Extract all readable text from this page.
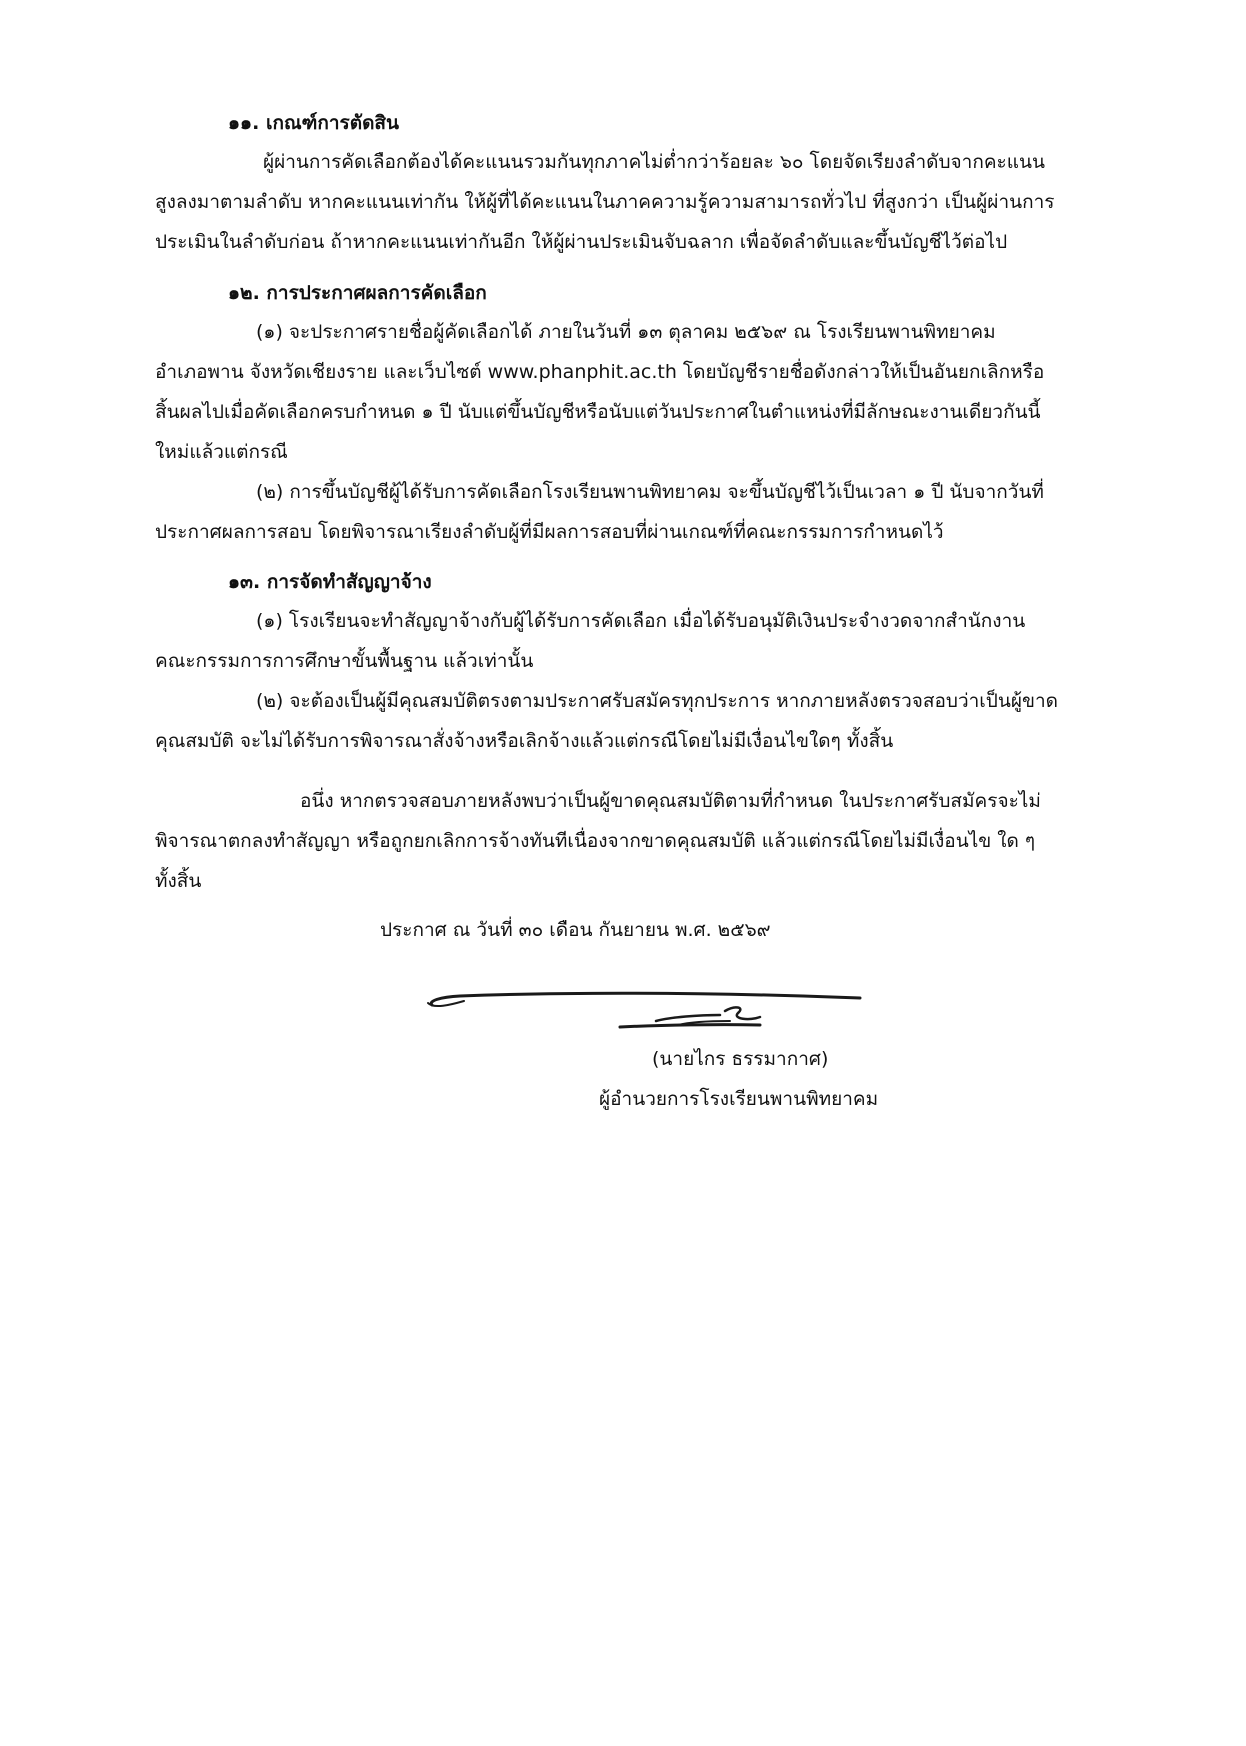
๑๑. เกณฑ์การตัดสิน
ผู้ผ่านการคัดเลือกต้องได้คะแนนรวมกันทุกภาคไม่ต่ำกว่าร้อยละ ๖๐ โดยจัดเรียงลำดับจากคะแนน
สูงลงมาตามลำดับ หากคะแนนเท่ากัน ให้ผู้ที่ได้คะแนนในภาคความรู้ความสามารถทั่วไป ที่สูงกว่า เป็นผู้ผ่านการ
ประเมินในลำดับก่อน ถ้าหากคะแนนเท่ากันอีก ให้ผู้ผ่านประเมินจับฉลาก เพื่อจัดลำดับและขึ้นบัญชีไว้ต่อไป
๑๒. การประกาศผลการคัดเลือก
(๑) จะประกาศรายชื่อผู้คัดเลือกได้ ภายในวันที่ ๑๓ ตุลาคม ๒๕๖๙ ณ โรงเรียนพานพิทยาคม
อำเภอพาน จังหวัดเชียงราย และเว็บไซต์ www.phanphit.ac.th โดยบัญชีรายชื่อดังกล่าวให้เป็นอันยกเลิกหรือ
สิ้นผลไปเมื่อคัดเลือกครบกำหนด ๑ ปี นับแต่ขึ้นบัญชีหรือนับแต่วันประกาศในตำแหน่งที่มีลักษณะงานเดียวกันนี้
ใหม่แล้วแต่กรณี
(๒) การขึ้นบัญชีผู้ได้รับการคัดเลือกโรงเรียนพานพิทยาคม จะขึ้นบัญชีไว้เป็นเวลา ๑ ปี นับจากวันที่
ประกาศผลการสอบ โดยพิจารณาเรียงลำดับผู้ที่มีผลการสอบที่ผ่านเกณฑ์ที่คณะกรรมการกำหนดไว้
๑๓. การจัดทำสัญญาจ้าง
(๑) โรงเรียนจะทำสัญญาจ้างกับผู้ได้รับการคัดเลือก เมื่อได้รับอนุมัติเงินประจำงวดจากสำนักงาน
คณะกรรมการการศึกษาขั้นพื้นฐาน แล้วเท่านั้น
(๒) จะต้องเป็นผู้มีคุณสมบัติตรงตามประกาศรับสมัครทุกประการ หากภายหลังตรวจสอบว่าเป็นผู้ขาด
คุณสมบัติ จะไม่ได้รับการพิจารณาสั่งจ้างหรือเลิกจ้างแล้วแต่กรณีโดยไม่มีเงื่อนไขใดๆ ทั้งสิ้น
อนึ่ง หากตรวจสอบภายหลังพบว่าเป็นผู้ขาดคุณสมบัติตามที่กำหนด ในประกาศรับสมัครจะไม่
พิจารณาตกลงทำสัญญา หรือถูกยกเลิกการจ้างทันทีเนื่องจากขาดคุณสมบัติ แล้วแต่กรณีโดยไม่มีเงื่อนไข ใด ๆ
ทั้งสิ้น
ประกาศ ณ วันที่ ๓๐ เดือน กันยายน พ.ศ. ๒๕๖๙
(นายไกร ธรรมากาศ)
ผู้อำนวยการโรงเรียนพานพิทยาคม
